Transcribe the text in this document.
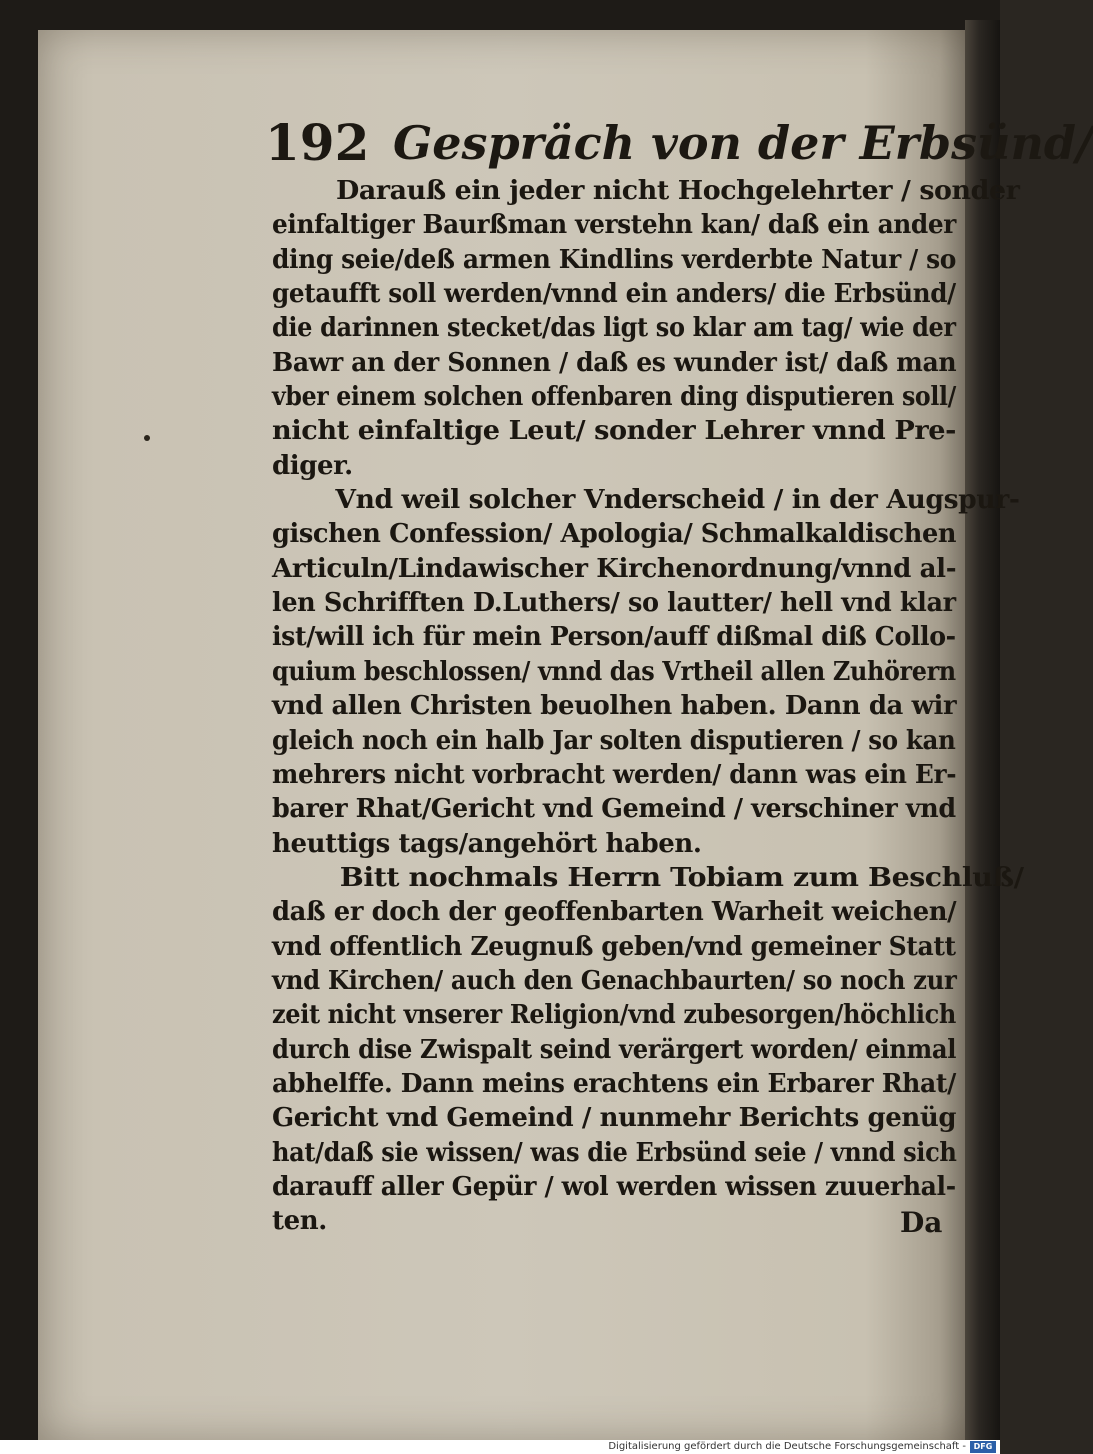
192 Gespräch von der Erbsünd/
Darauß ein jeder nicht Hochgelehrter / sonder
einfaltiger Baurßman verstehn kan/ daß ein ander
ding seie/deß armen Kindlins verderbte Natur / so
getaufft soll werden/vnnd ein anders/ die Erbsünd/
die darinnen stecket/das ligt so klar am tag/ wie der
Bawr an der Sonnen / daß es wunder ist/ daß man
vber einem solchen offenbaren ding disputieren soll/
nicht einfaltige Leut/ sonder Lehrer vnnd Pre-
diger.
Vnd weil solcher Vnderscheid / in der Augspur-
gischen Confession/ Apologia/ Schmalkaldischen
Articuln/Lindawischer Kirchenordnung/vnnd al-
len Schrifften D.Luthers/ so lautter/ hell vnd klar
ist/will ich für mein Person/auff dißmal diß Collo-
quium beschlossen/ vnnd das Vrtheil allen Zuhörern
vnd allen Christen beuolhen haben. Dann da wir
gleich noch ein halb Jar solten disputieren / so kan
mehrers nicht vorbracht werden/ dann was ein Er-
barer Rhat/Gericht vnd Gemeind / verschiner vnd
heuttigs tags/angehört haben.
Bitt nochmals Herrn Tobiam zum Beschluß/
daß er doch der geoffenbarten Warheit weichen/
vnd offentlich Zeugnuß geben/vnd gemeiner Statt
vnd Kirchen/ auch den Genachbaurten/ so noch zur
zeit nicht vnserer Religion/vnd zubesorgen/höchlich
durch dise Zwispalt seind verärgert worden/ einmal
abhelffe. Dann meins erachtens ein Erbarer Rhat/
Gericht vnd Gemeind / nunmehr Berichts genüg
hat/daß sie wissen/ was die Erbsünd seie / vnnd sich
darauff aller Gepür / wol werden wissen zuuerhal-
ten.	Da
Digitalisierung gefördert durch die Deutsche Forschungsgemeinschaft - DFG
